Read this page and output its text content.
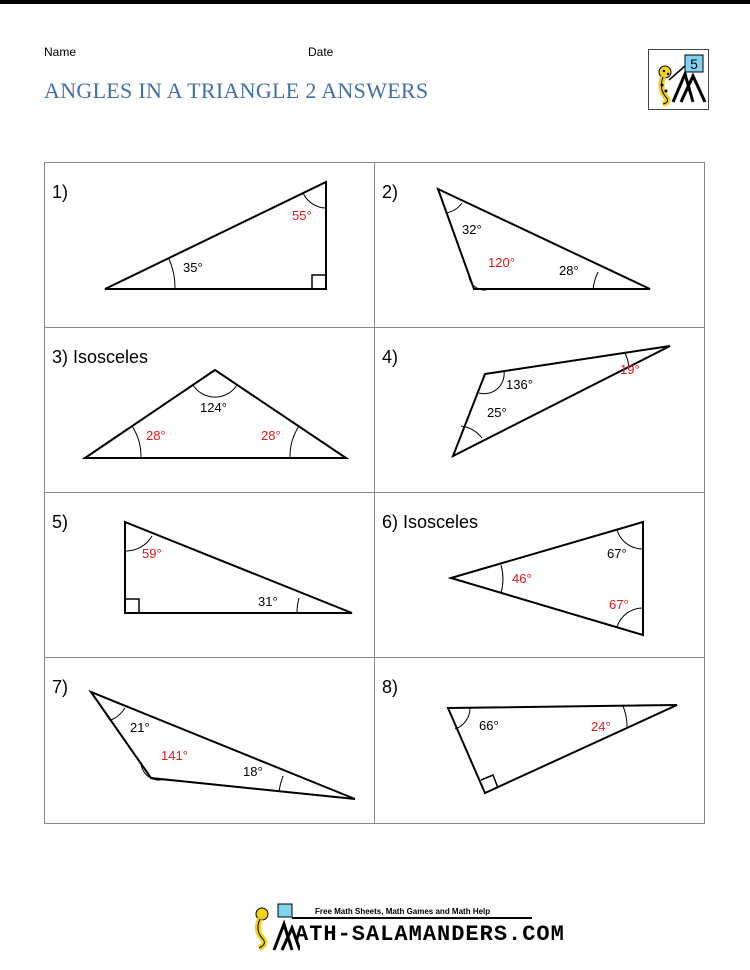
Name	Date
ANGLES IN A TRIANGLE 2 ANSWERS
5
1)
55°
35°
2)
32°
120°
28°
3) Isosceles
124°
28°	28°
4)
136°
19°
25°
5)
59°
31°
6) Isosceles
67°
46°
67°
7)
21°
141°
18°
8)
66°	24°
Free Math Sheets, Math Games and Math Help
ATH-SALAMANDERS.COM
